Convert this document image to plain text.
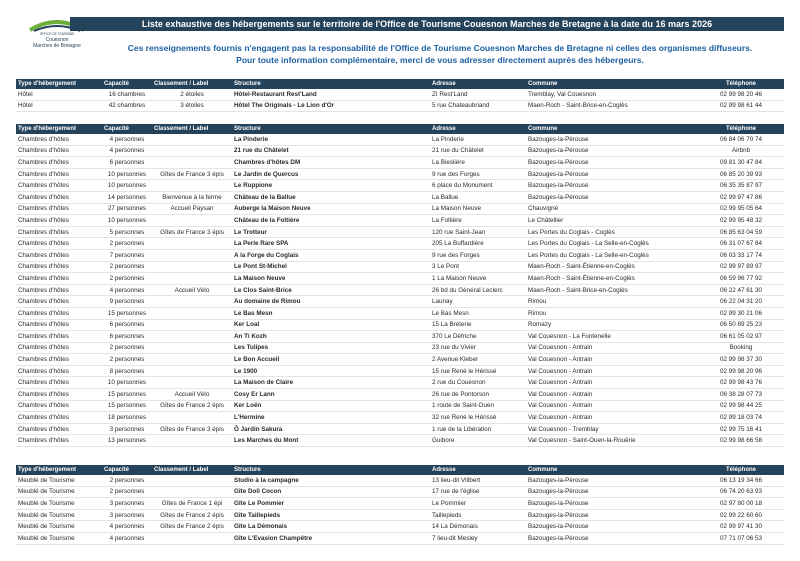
OFFICE DE TOURISME
Couesnon
Marches de Bretagne
Liste exhaustive des hébergements sur le territoire de l'Office de Tourisme Couesnon Marches de Bretagne à la date du 16 mars 2026
Ces renseignements fournis n'engagent pas la responsabilité de l'Office de Tourisme Couesnon Marches de Bretagne ni celles des organismes diffuseurs.
Pour toute information complémentaire, merci de vous adresser directement auprès des hébergeurs.
Type d'hébergement	Capacité	Classement / Label	Structure	Adresse	Commune	Téléphone
Hôtel	16 chambres	2 étoiles	Hôtel-Restaurant Rest'Land	ZI Rest'Land	Tremblay, Val Couesnon	02 99 98 20 46
Hôtel	42 chambres	3 étoiles	Hôtel The Originals - Le Lion d'Or	5 rue Chateaubriand	Maen-Roch - Saint-Brice-en-Coglès	02 99 98 61 44
Type d'hébergement	Capacité	Classement / Label	Structure	Adresse	Commune	Téléphone
Chambres d'hôtes	4 personnes		La Pinderie	La Pinderie	Bazouges-la-Pérouse	06 84 06 70 74
Chambres d'hôtes	4 personnes		21 rue du Châtelet	21 rue du Châtelet	Bazouges-la-Pérouse	Airbnb
Chambres d'hôtes	6 personnes		Chambres d'hôtes DM	La Bieslière	Bazouges-la-Pérouse	09 81 30 47 84
Chambres d'hôtes	10 personnes	Gîtes de France 3 épis	Le Jardin de Quercus	9 rue des Forges	Bazouges-la-Pérouse	06 85 20 39 93
Chambres d'hôtes	10 personnes		Le Ruppione	6 place du Monument	Bazouges-la-Pérouse	06 35 35 87 97
Chambres d'hôtes	14 personnes	Bienvenue à la ferme	Château de la Ballue	La Ballue	Bazouges-la-Pérouse	02 99 97 47 86
Chambres d'hôtes	27 personnes	Accueil Paysan	Auberge la Maison Neuve	La Maison Neuve	Chauvigné	02 99 95 05 64
Chambres d'hôtes	10 personnes		Château de la Foltière	La Foltière	Le Châtellier	02 99 95 48 32
Chambres d'hôtes	5 personnes	Gîtes de France 3 épis	Le Trotteur	120 rue Saint-Jean	Les Portes du Coglais - Coglès	06 85 63 04 59
Chambres d'hôtes	2 personnes		La Perle Rare SPA	205 La Buffardière	Les Portes du Coglais - La Selle-en-Coglès	06 31 07 67 84
Chambres d'hôtes	7 personnes		A la Forge du Coglais	9 rue des Forges	Les Portes du Coglais - La Selle-en-Coglès	06 03 33 17 74
Chambres d'hôtes	2 personnes		Le Pont St-Michel	3 Le Pont	Maen-Roch - Saint-Étienne-en-Coglès	02 99 97 89 97
Chambres d'hôtes	2 personnes		La Maison Neuve	1 La Maison Neuve	Maen-Roch - Saint-Étienne-en-Coglès	06 59 96 77 92
Chambres d'hôtes	4 personnes	Accueil Vélo	Le Clos Saint-Brice	26 bd du Général Leclerc	Maen-Roch - Saint-Brice-en-Coglès	06 22 47 61 30
Chambres d'hôtes	9 personnes		Au domaine de Rimou	Launay	Rimou	06 22 04 31 20
Chambres d'hôtes	15 personnes		Le Bas Mesn	Le Bas Mesn	Rimou	02 99 30 21 06
Chambres d'hôtes	6 personnes		Ker Loal	15 La Bréterie	Romazy	06 50 89 25 23
Chambres d'hôtes	6 personnes		An Ti Kozh	370 Le Défriche	Val Couesnon - La Fontenelle	06 61 05 02 97
Chambres d'hôtes	2 personnes		Les Tulipes	23 rue du Vivier	Val Couesnon - Antrain	Booking
Chambres d'hôtes	2 personnes		Le Bon Accueil	2 Avenue Kleber	Val Couesnon - Antrain	02 99 98 37 30
Chambres d'hôtes	8 personnes		Le 1900	15 rue René le Hérissé	Val Couesnon - Antrain	02 99 98 20 96
Chambres d'hôtes	10 personnes		La Maison de Claire	2 rue du Couesnon	Val Couesnon - Antrain	02 99 98 43 76
Chambres d'hôtes	15 personnes	Accueil Vélo	Cosy Er Lann	26 rue de Pontorson	Val Couesnon - Antrain	06 38 28 07 73
Chambres d'hôtes	15 personnes	Gîtes de France 2 épis	Ker Loën	1 route de Saint-Ouen	Val Couesnon - Antrain	02 99 98 44 25
Chambres d'hôtes	18 personnes		L'Hermine	32 rue René le Hérissé	Val Couesnon - Antrain	02 99 18 03 74
Chambres d'hôtes	3 personnes	Gîtes de France 3 épis	Ô Jardin Sakura	1 rue de la Libération	Val Couesnon - Tremblay	02 99 75 16 41
Chambres d'hôtes	13 personnes		Les Marches du Mont	Guibore	Val Couesnon - Saint-Ouen-la-Rouërie	02 99 98 66 58
Type d'hébergement	Capacité	Classement / Label	Structure	Adresse	Commune	Téléphone
Meublé de Tourisme	2 personnes		Studio à la campagne	13 lieu-dit Villbert	Bazouges-la-Pérouse	06 13 19 34 66
Meublé de Tourisme	2 personnes		Gîte Doll Cocon	17 rue de l'église	Bazouges-la-Pérouse	06 74 20 63 93
Meublé de Tourisme	3 personnes	Gîtes de France 1 épi	Gîte Le Pommier	Le Pommier	Bazouges-la-Pérouse	02 97 80 00 18
Meublé de Tourisme	3 personnes	Gîtes de France 2 épis	Gîte Taillepieds	Taillepieds	Bazouges-la-Pérouse	02 99 22 60 60
Meublé de Tourisme	4 personnes	Gîtes de France 2 épis	Gîte La Démonais	14 La Démonais	Bazouges-la-Pérouse	02 99 97 41 30
Meublé de Tourisme	4 personnes		Gîte L'Evasion Champêtre	7 lieu-dit Mesley	Bazouges-la-Pérouse	07 71 07 06 53
